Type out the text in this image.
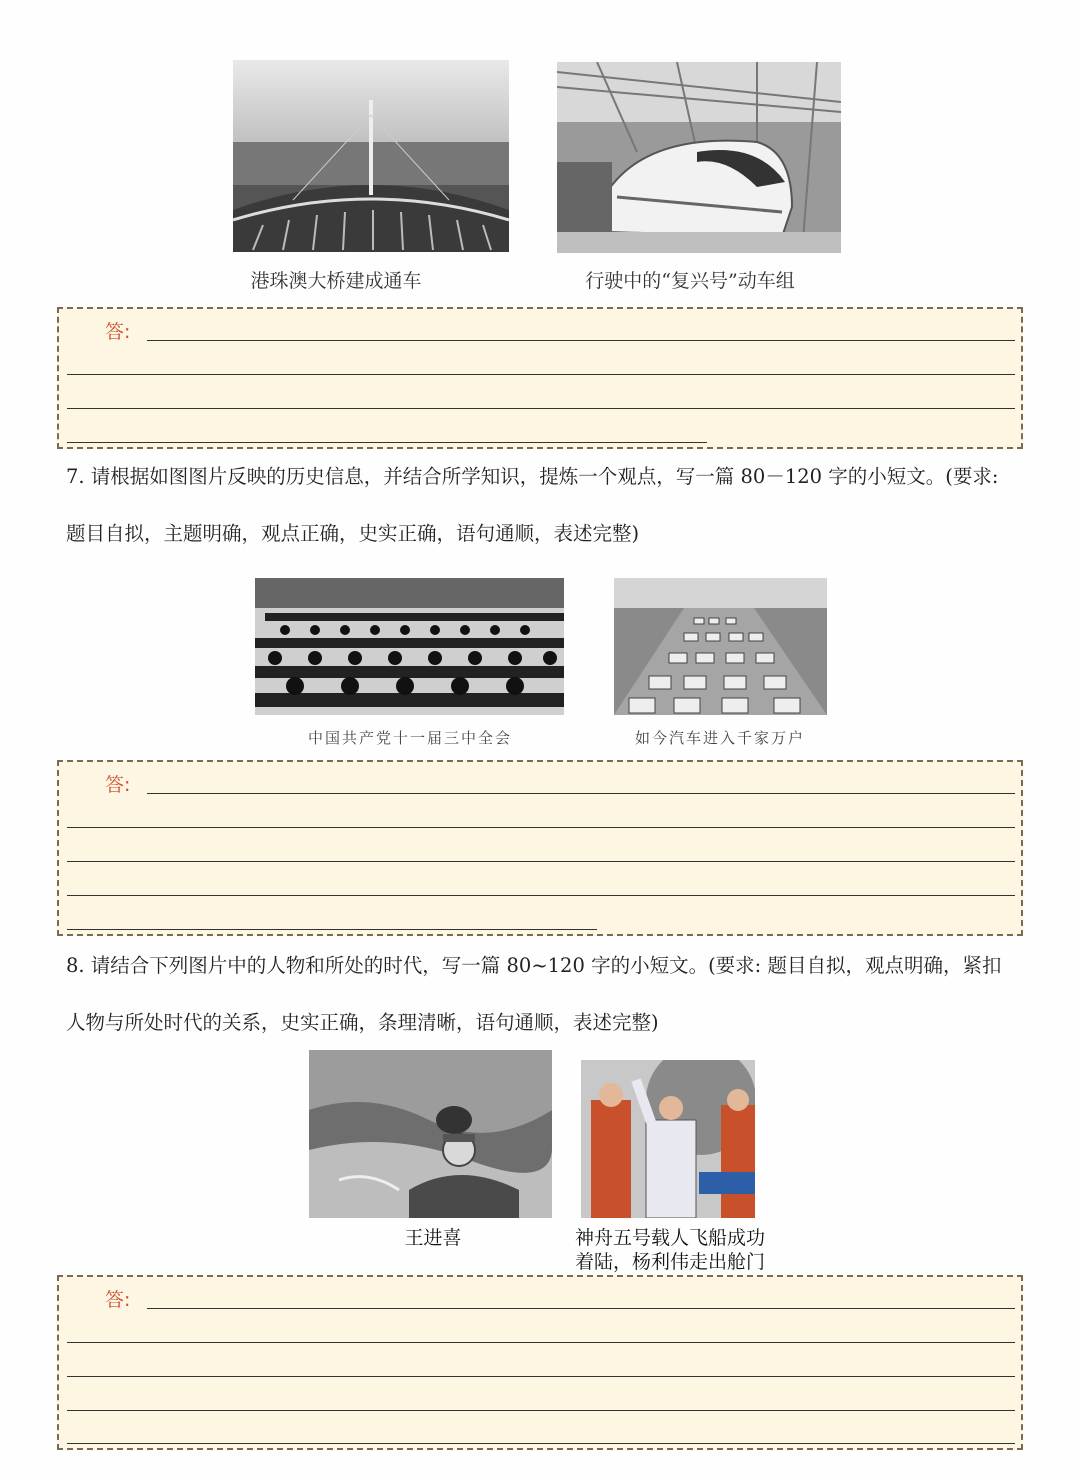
港珠澳大桥建成通车	行驶中的“复兴号”动车组
答:
7. 请根据如图图片反映的历史信息，并结合所学知识，提炼一个观点，写一篇 80－120 字的小短文。(要求:
题目自拟，主题明确，观点正确，史实正确，语句通顺，表述完整)
中国共产党十一届三中全会	如今汽车进入千家万户
答:
8. 请结合下列图片中的人物和所处的时代，写一篇 80~120 字的小短文。(要求: 题目自拟，观点明确，紧扣
人物与所处时代的关系，史实正确，条理清晰，语句通顺，表述完整)
王进喜	神舟五号载人飞船成功
着陆，杨利伟走出舱门
答:
